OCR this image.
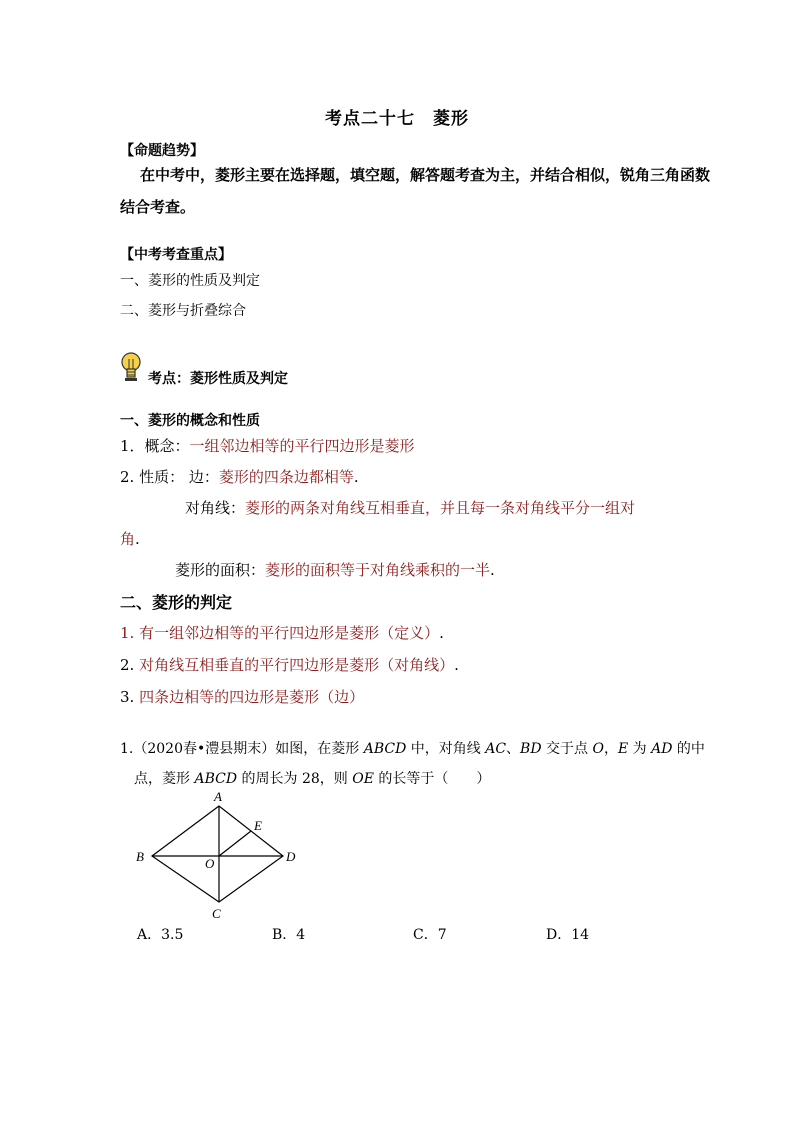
考点二十七　菱形
【命题趋势】
在中考中，菱形主要在选择题，填空题，解答题考查为主，并结合相似，锐角三角函数
结合考查。
【中考考查重点】
一、菱形的性质及判定
二、菱形与折叠综合
考点：菱形性质及判定
一、菱形的概念和性质
1．概念：一组邻边相等的平行四边形是菱形
2. 性质： 边：菱形的四条边都相等.
对角线：菱形的两条对角线互相垂直，并且每一条对角线平分一组对
角.
菱形的面积：菱形的面积等于对角线乘积的一半.
二、菱形的判定
1. 有一组邻边相等的平行四边形是菱形（定义）.
2. 对角线互相垂直的平行四边形是菱形（对角线）.
3. 四条边相等的四边形是菱形（边）
1.（2020春•澧县期末）如图，在菱形 ABCD 中，对角线 AC、BD 交于点 O，E 为 AD 的中
点，菱形 ABCD 的周长为 28，则 OE 的长等于（　　）
A
B
C
D
E
O
A．3.5	B．4	C．7	D．14
